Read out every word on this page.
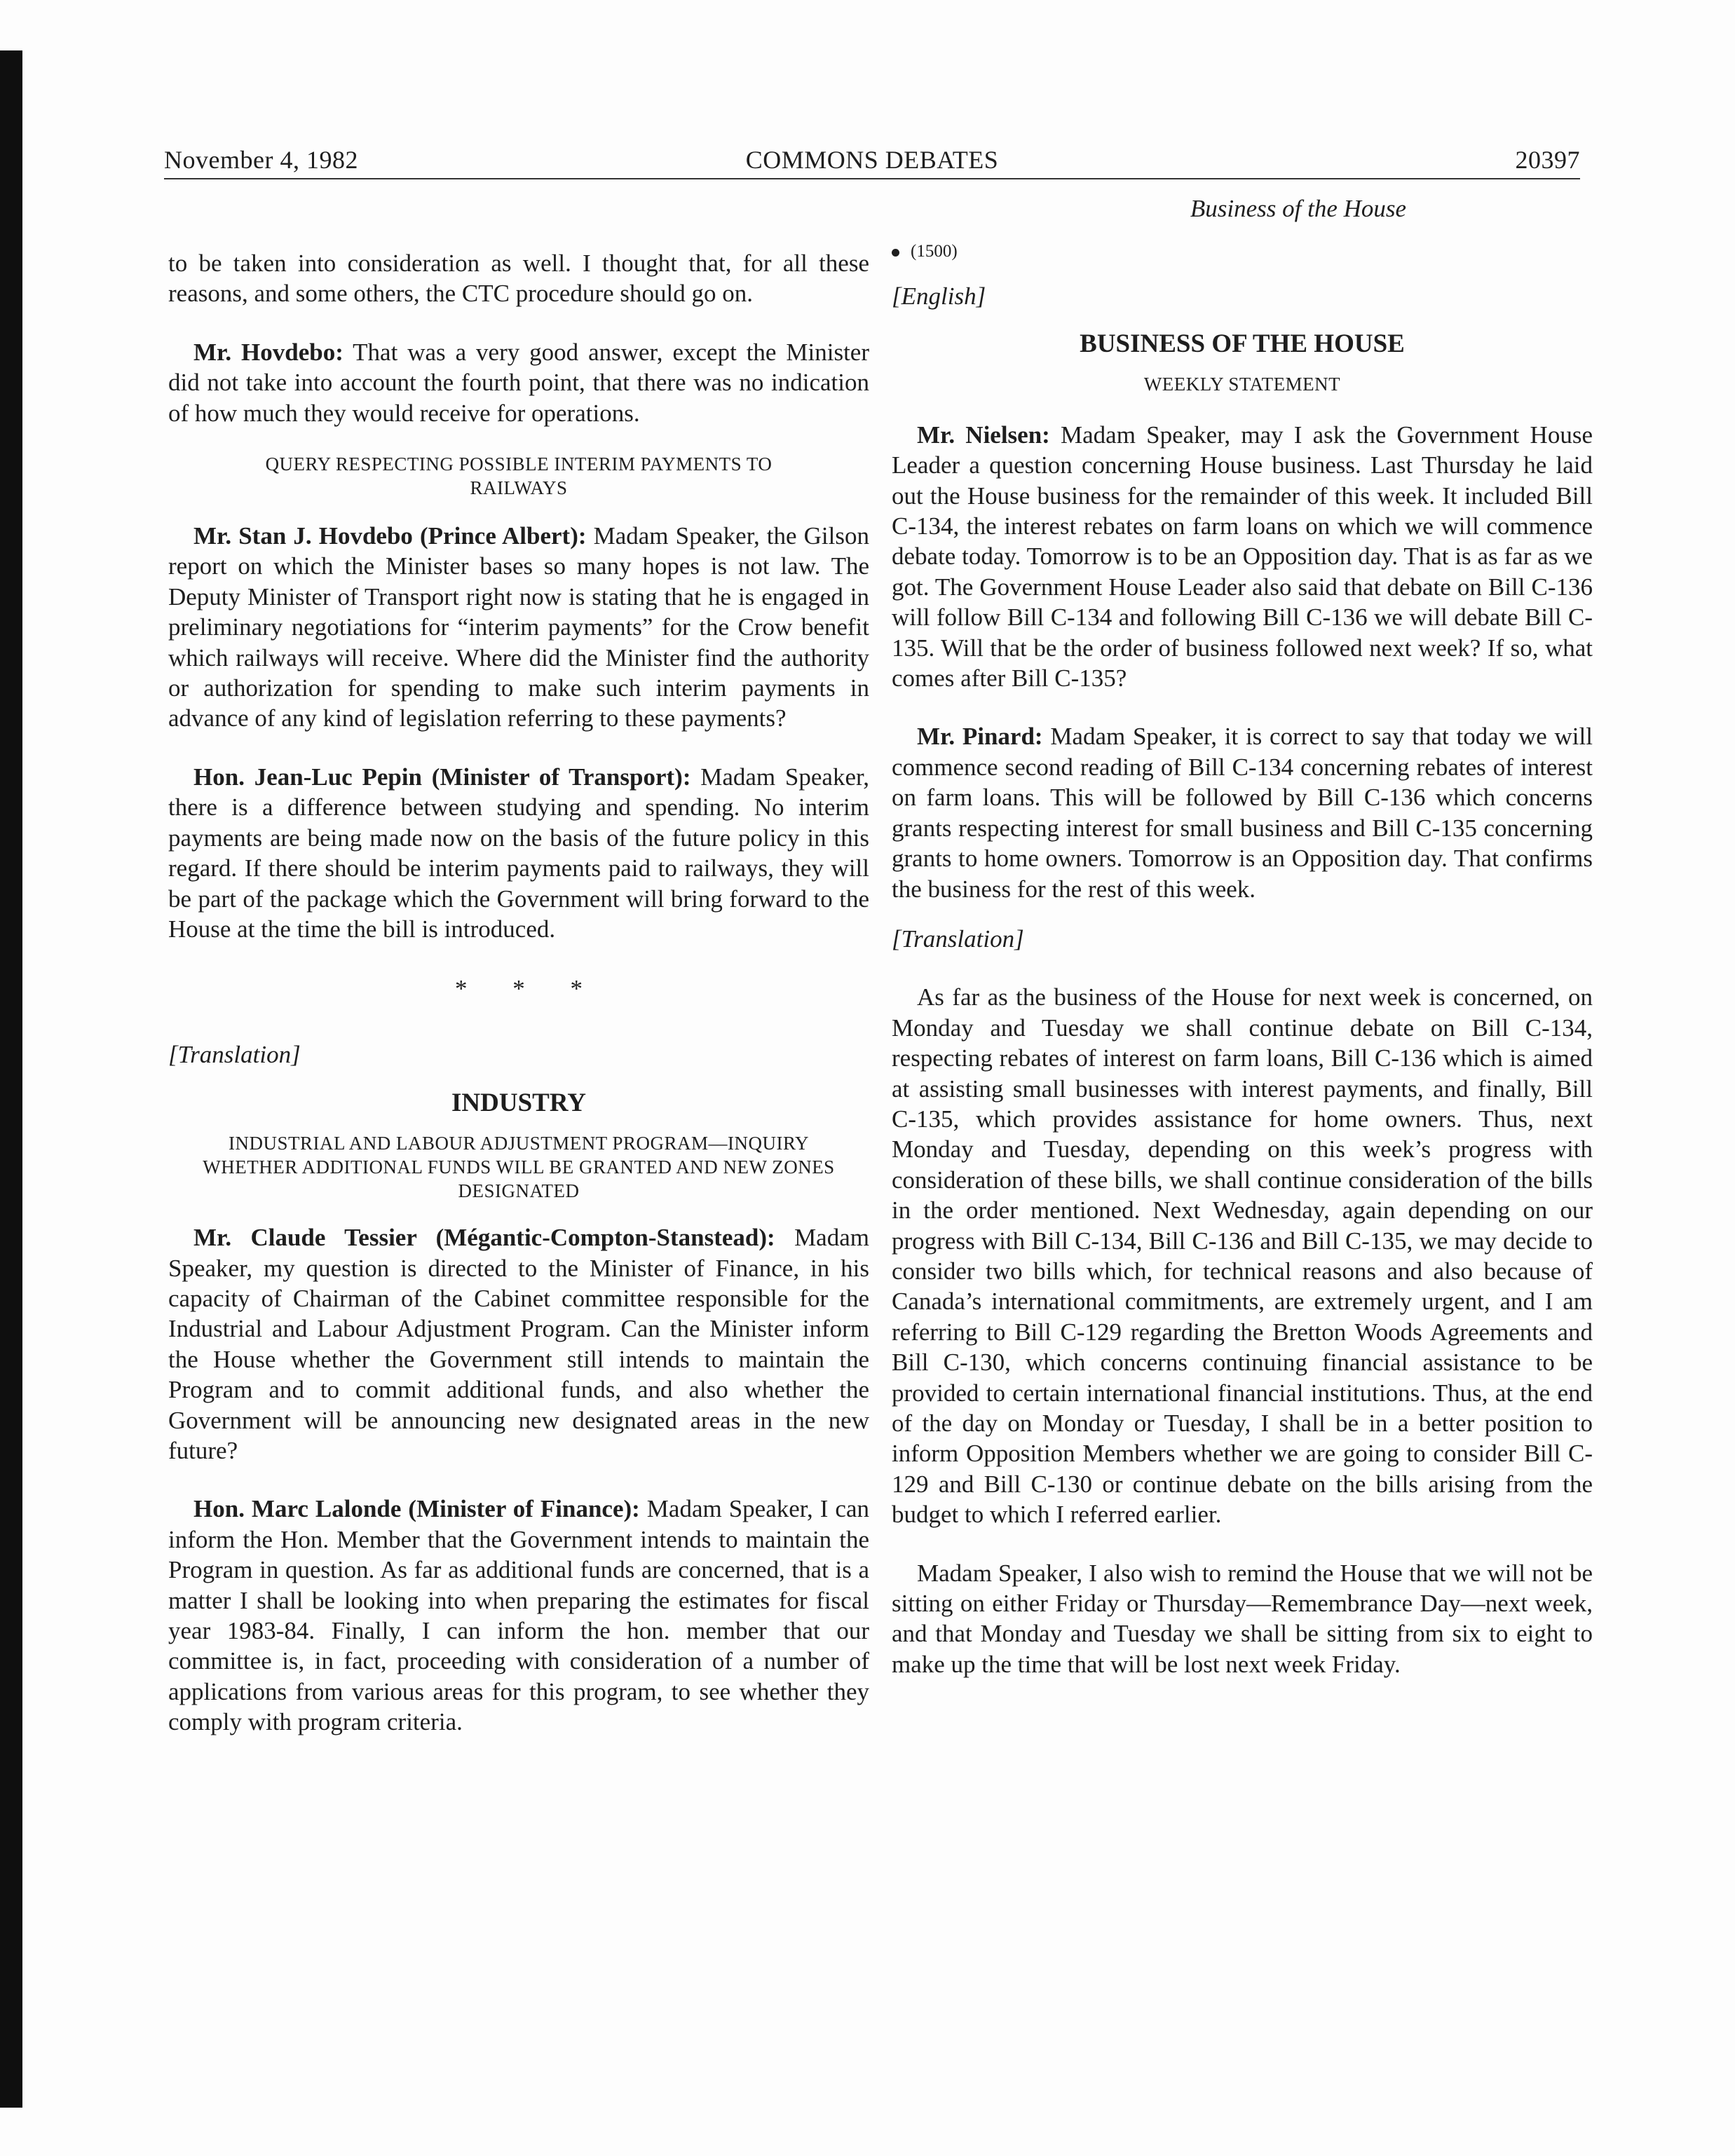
November 4, 1982	COMMONS DEBATES	20397

to be taken into consideration as well. I thought that, for all these reasons, and some others, the CTC procedure should go on.

Mr. Hovdebo: That was a very good answer, except the Minister did not take into account the fourth point, that there was no indication of how much they would receive for operations.

QUERY RESPECTING POSSIBLE INTERIM PAYMENTS TO RAILWAYS

Mr. Stan J. Hovdebo (Prince Albert): Madam Speaker, the Gilson report on which the Minister bases so many hopes is not law. The Deputy Minister of Transport right now is stating that he is engaged in preliminary negotiations for “interim payments” for the Crow benefit which railways will receive. Where did the Minister find the authority or authorization for spending to make such interim payments in advance of any kind of legislation referring to these payments?

Hon. Jean-Luc Pepin (Minister of Transport): Madam Speaker, there is a difference between studying and spending. No interim payments are being made now on the basis of the future policy in this regard. If there should be interim payments paid to railways, they will be part of the package which the Government will bring forward to the House at the time the bill is introduced.

* * *
[Translation]
INDUSTRY
INDUSTRIAL AND LABOUR ADJUSTMENT PROGRAM—INQUIRY WHETHER ADDITIONAL FUNDS WILL BE GRANTED AND NEW ZONES DESIGNATED

Mr. Claude Tessier (Mégantic-Compton-Stanstead): Madam Speaker, my question is directed to the Minister of Finance, in his capacity of Chairman of the Cabinet committee responsible for the Industrial and Labour Adjustment Program. Can the Minister inform the House whether the Government still intends to maintain the Program and to commit additional funds, and also whether the Government will be announcing new designated areas in the new future?

Hon. Marc Lalonde (Minister of Finance): Madam Speaker, I can inform the Hon. Member that the Government intends to maintain the Program in question. As far as additional funds are concerned, that is a matter I shall be looking into when preparing the estimates for fiscal year 1983-84. Finally, I can inform the hon. member that our committee is, in fact, proceeding with consideration of a number of applications from various areas for this program, to see whether they comply with program criteria.

Business of the House
(1500)
[English]
BUSINESS OF THE HOUSE
WEEKLY STATEMENT

Mr. Nielsen: Madam Speaker, may I ask the Government House Leader a question concerning House business. Last Thursday he laid out the House business for the remainder of this week. It included Bill C-134, the interest rebates on farm loans on which we will commence debate today. Tomorrow is to be an Opposition day. That is as far as we got. The Government House Leader also said that debate on Bill C-136 will follow Bill C-134 and following Bill C-136 we will debate Bill C-135. Will that be the order of business followed next week? If so, what comes after Bill C-135?

Mr. Pinard: Madam Speaker, it is correct to say that today we will commence second reading of Bill C-134 concerning rebates of interest on farm loans. This will be followed by Bill C-136 which concerns grants respecting interest for small business and Bill C-135 concerning grants to home owners. Tomorrow is an Opposition day. That confirms the business for the rest of this week.

[Translation]

As far as the business of the House for next week is concerned, on Monday and Tuesday we shall continue debate on Bill C-134, respecting rebates of interest on farm loans, Bill C-136 which is aimed at assisting small businesses with interest payments, and finally, Bill C-135, which provides assistance for home owners. Thus, next Monday and Tuesday, depending on this week’s progress with consideration of these bills, we shall continue consideration of the bills in the order mentioned. Next Wednesday, again depending on our progress with Bill C-134, Bill C-136 and Bill C-135, we may decide to consider two bills which, for technical reasons and also because of Canada’s international commitments, are extremely urgent, and I am referring to Bill C-129 regarding the Bretton Woods Agreements and Bill C-130, which concerns continuing financial assistance to be provided to certain international financial institutions. Thus, at the end of the day on Monday or Tuesday, I shall be in a better position to inform Opposition Members whether we are going to consider Bill C-129 and Bill C-130 or continue debate on the bills arising from the budget to which I referred earlier.

Madam Speaker, I also wish to remind the House that we will not be sitting on either Friday or Thursday—Remembrance Day—next week, and that Monday and Tuesday we shall be sitting from six to eight to make up the time that will be lost next week Friday.
